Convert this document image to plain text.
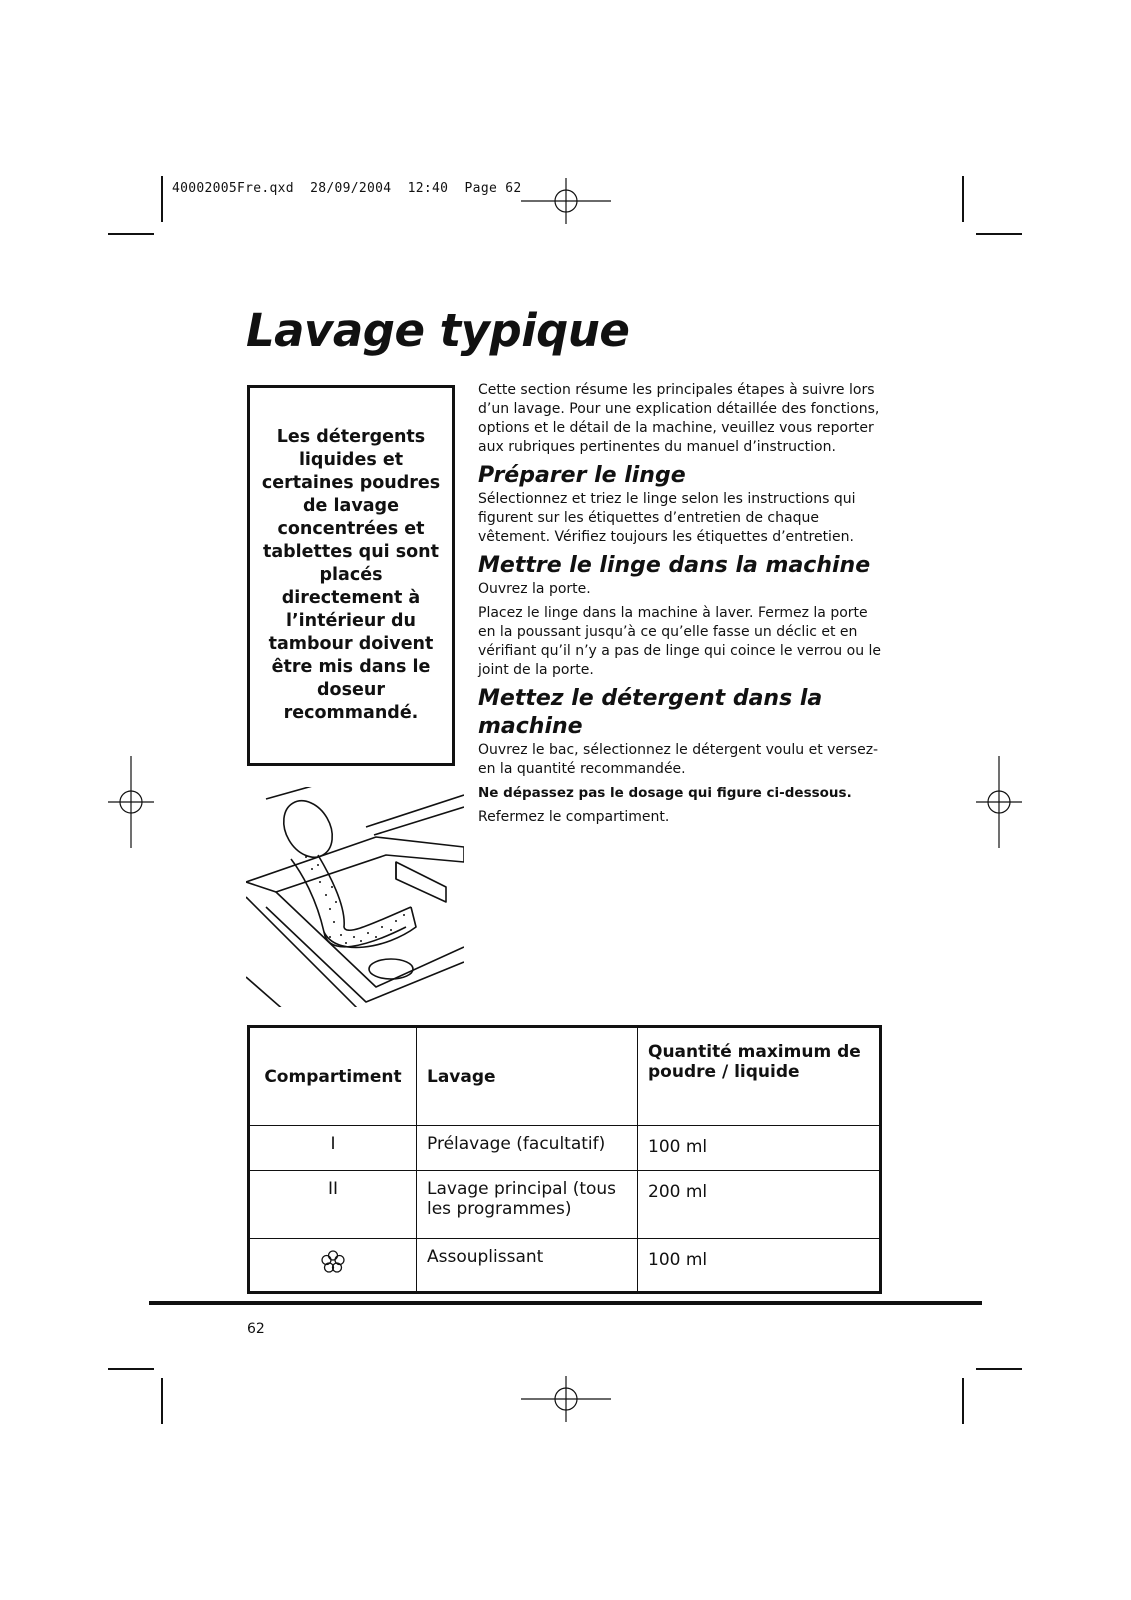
40002005Fre.qxd  28/09/2004  12:40  Page 62
Lavage typique

Les détergents liquides et certaines poudres de lavage concentrées et tablettes qui sont placés directement à l’intérieur du tambour doivent être mis dans le doseur recommandé.

Cette section résume les principales étapes à suivre lors d’un lavage. Pour une explication détaillée des fonctions, options et le détail de la machine, veuillez vous reporter aux rubriques pertinentes du manuel d’instruction.

Préparer le linge

Sélectionnez et triez le linge selon les instructions qui figurent sur les étiquettes d’entretien de chaque vêtement. Vérifiez toujours les étiquettes d’entretien.

Mettre le linge dans la machine

Ouvrez la porte.

Placez le linge dans la machine à laver. Fermez la porte en la poussant jusqu’à ce qu’elle fasse un déclic et en vérifiant qu’il n’y a pas de linge qui coince le verrou ou le joint de la porte.

Mettez le détergent dans la machine

Ouvrez le bac, sélectionnez le détergent voulu et versez-en la quantité recommandée.

Ne dépassez pas le dosage qui figure ci-dessous.

Refermez le compartiment.

Compartiment	Lavage	Quantité maximum de poudre / liquide
I	Prélavage (facultatif)	100 ml
II	Lavage principal (tous les programmes)	200 ml
	Assouplissant	100 ml
62
